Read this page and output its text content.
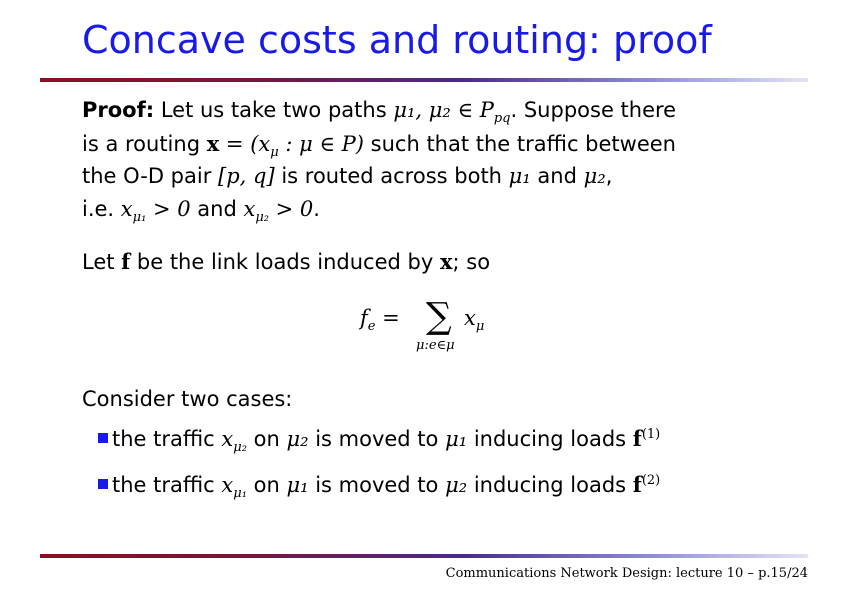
Concave costs and routing: proof
Proof: Let us take two paths μ₁, μ₂ ∈ $P_{pq}$. Suppose there
is a routing $x = (x_\mu$ : μ ∈ P) such that the traffic between
the O-D pair [p, q] is routed across both μ₁ and μ₂,
i.e. $x_{\mu_1} > 0$ and $x_{\mu_2} > 0$.
Let f be the link loads induced by x; so
$f_e$ = ∑
μ:e∈μ
$x_\mu$
Consider two cases:
the traffic $x_{\mu_2}$ on μ₂ is moved to μ₁ inducing loads $f^{(1)}$
the traffic $x_{\mu_1}$ on μ₁ is moved to μ₂ inducing loads $f^{(2)}$
Communications Network Design: lecture 10 – p.15/24
